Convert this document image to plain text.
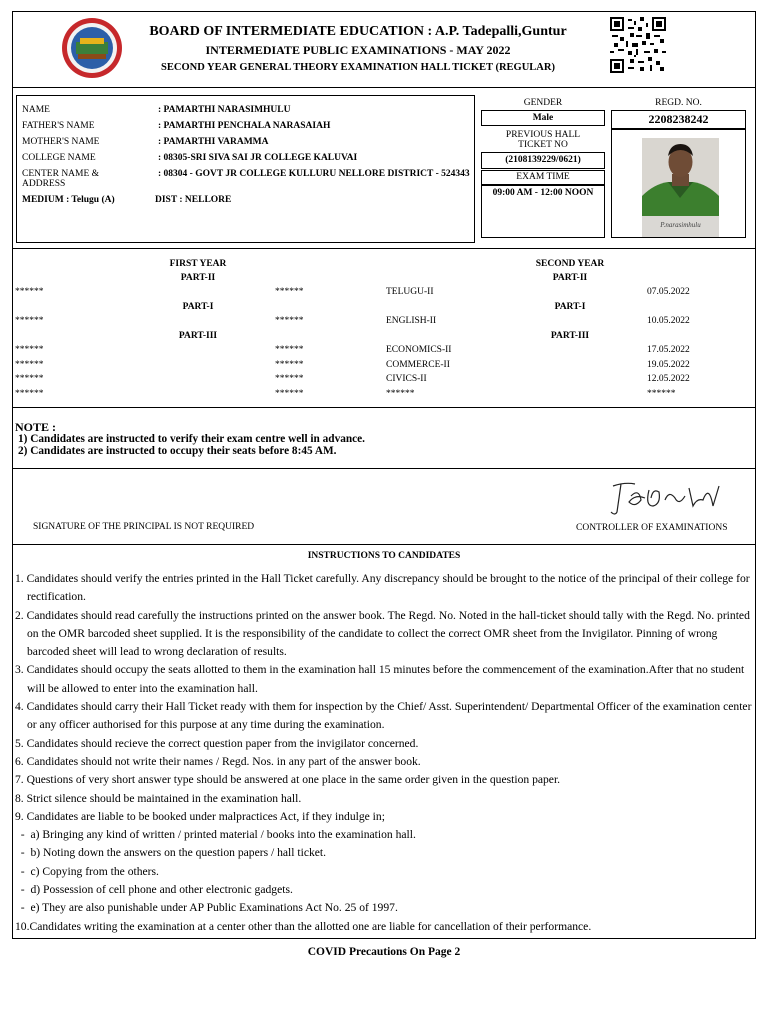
BOARD OF INTERMEDIATE EDUCATION : A.P. Tadepalli,Guntur
INTERMEDIATE PUBLIC EXAMINATIONS - MAY 2022
SECOND YEAR GENERAL THEORY EXAMINATION HALL TICKET (REGULAR)
NAME	: PAMARTHI NARASIMHULU
FATHER'S NAME	: PAMARTHI PENCHALA NARASAIAH
MOTHER'S NAME	: PAMARTHI VARAMMA
COLLEGE NAME	: 08305-SRI SIVA SAI JR COLLEGE KALUVAI
CENTER NAME & ADDRESS
: 08304 - GOVT JR COLLEGE KULLURU NELLORE DISTRICT - 524343
MEDIUM : Telugu (A)	DIST : NELLORE
GENDER
Male
PREVIOUS HALL TICKET NO
(2108139229/0621)
EXAM TIME
09:00 AM - 12:00 NOON
REGD. NO.
2208238242
P.narasimhulu
FIRST YEAR	SECOND YEAR
PART-II	PART-II
******	******	TELUGU-II	07.05.2022
PART-I	PART-I
******	******	ENGLISH-II	10.05.2022
PART-III	PART-III
******	******	ECONOMICS-II	17.05.2022
******	******	COMMERCE-II	19.05.2022
******	******	CIVICS-II	12.05.2022
******	******	******	******
NOTE :
1) Candidates are instructed to verify their exam centre well in advance.
2) Candidates are instructed to occupy their seats before 8:45 AM.
SIGNATURE OF THE PRINCIPAL IS NOT REQUIRED	CONTROLLER OF EXAMINATIONS
INSTRUCTIONS TO CANDIDATES

1. Candidates should verify the entries printed in the Hall Ticket carefully. Any discrepancy should be brought to the notice of the principal of their college for rectification.

2. Candidates should read carefully the instructions printed on the answer book. The Regd. No. Noted in the hall-ticket should tally with the Regd. No. printed on the OMR barcoded sheet supplied. It is the responsibility of the candidate to collect the correct OMR sheet from the Invigilator. Pinning of wrong barcoded sheet will lead to wrong declaration of results.

3. Candidates should occupy the seats allotted to them in the examination hall 15 minutes before the commencement of the examination.After that no student will be allowed to enter into the examination hall.

4. Candidates should carry their Hall Ticket ready with them for inspection by the Chief/ Asst. Superintendent/ Departmental Officer of the examination center or any officer authorised for this purpose at any time during the examination.

5. Candidates should recieve the correct question paper from the invigilator concerned.

6. Candidates should not write their names / Regd. Nos. in any part of the answer book.

7. Questions of very short answer type should be answered at one place in the same order given in the question paper.

8. Strict silence should be maintained in the examination hall.

9. Candidates are liable to be booked under malpractices Act, if they indulge in;

-  a) Bringing any kind of written / printed material / books into the examination hall.

-  b) Noting down the answers on the question papers / hall ticket.

-  c) Copying from the others.

-  d) Possession of cell phone and other electronic gadgets.

-  e) They are also punishable under AP Public Examinations Act No. 25 of 1997.

10.Candidates writing the examination at a center other than the allotted one are liable for cancellation of their performance.

COVID Precautions On Page 2
